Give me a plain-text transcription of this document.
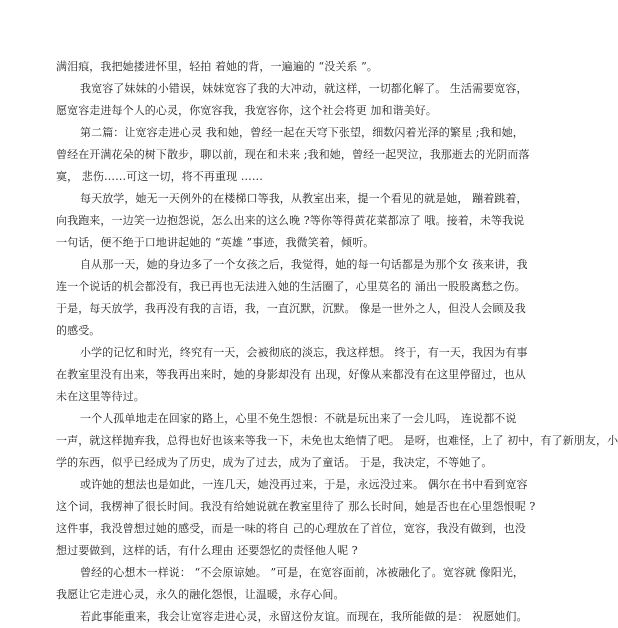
满泪痕，我把她搂进怀里，轻拍 着她的背，一遍遍的 “没关系 ”。
我宽容了妹妹的小错误，妹妹宽容了我的大冲动，就这样，一切都化解了。 生活需要宽容，
愿宽容走进每个人的心灵，你宽容我，我宽容你，这个社会将更 加和谐美好。
第二篇：让宽容走进心灵 我和她，曾经一起在天穹下张望，细数闪着光泽的繁星 ;我和她，
曾经在开满花朵的树下散步，聊以前，现在和未来 ;我和她，曾经一起哭泣，我那逝去的光阴而落
寞， 悲伤……可这一切，将不再重现 ……
每天放学，她无一天例外的在楼梯口等我，从教室出来，提一个看见的就是她， 蹦着跳着，
向我跑来，一边笑一边抱怨说，怎么出来的这么晚 ?等你等得黄花菜都凉了 哦。接着，未等我说
一句话，便不绝于口地讲起她的 “英雄 ”事迹，我微笑着，倾听。
自从那一天，她的身边多了一个女孩之后，我觉得，她的每一句话都是为那个女 孩来讲，我
连一个说话的机会都没有，我已再也无法进入她的生活圈了，心里莫名的 涌出一股股离愁之伤。
于是，每天放学，我再没有我的言语，我，一直沉默，沉默。 像是一世外之人，但没人会顾及我
的感受。
小学的记忆和时光，终究有一天，会被彻底的淡忘，我这样想。 终于，有一天，我因为有事
在教室里没有出来，等我再出来时，她的身影却没有 出现，好像从来都没有在这里停留过，也从
未在这里等待过。
一个人孤单地走在回家的路上，心里不免生怨恨：不就是玩出来了一会儿吗， 连说都不说
一声，就这样抛弃我，总得也好也该来等我一下，未免也太绝情了吧。 是呀，也难怪，上了 初中，有了新朋友，小
学的东西，似乎已经成为了历史，成为了过去，成为了童话。 于是，我决定，不等她了。
或许她的想法也是如此，一连几天，她没再过来，于是，永远没过来。 偶尔在书中看到宽容
这个词，我楞神了很长时间。我没有给她说就在教室里待了 那么长时间，她是否也在心里怨恨呢 ?
这件事，我没曾想过她的感受，而是一味的将自 己的心理放在了首位，宽容，我没有做到，也没
想过要做到，这样的话，有什么理由 还要怨忆的责怪他人呢 ?
曾经的心想木一样说： “不会原谅她。 ”可是，在宽容面前，冰被融化了。宽容就 像阳光，
我愿让它走进心灵，永久的融化怨恨，让温暖，永存心间。
若此事能重来，我会让宽容走进心灵，永留这份友谊。而现在，我所能做的是： 祝愿她们。
